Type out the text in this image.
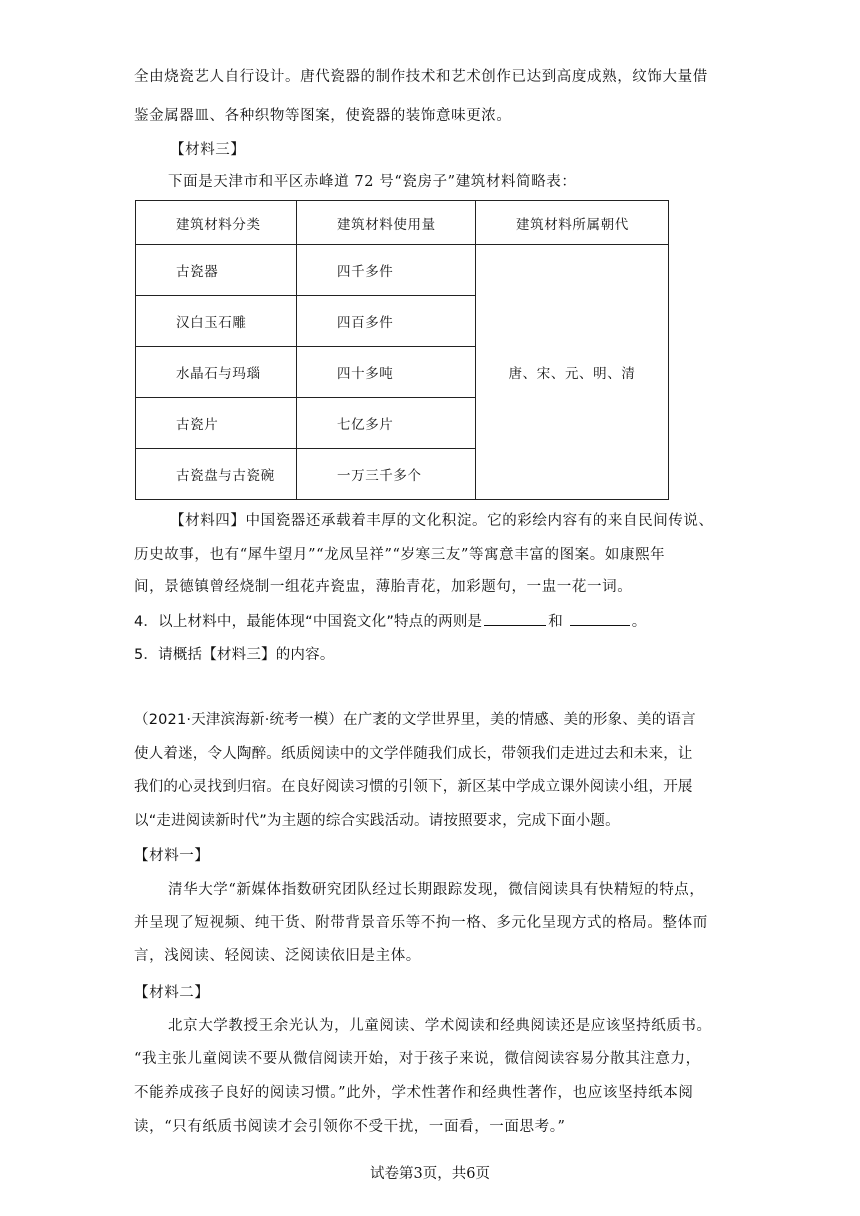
全由烧瓷艺人自行设计。唐代瓷器的制作技术和艺术创作已达到高度成熟，纹饰大量借
鉴金属器皿、各种织物等图案，使瓷器的装饰意味更浓。
【材料三】
下面是天津市和平区赤峰道 72 号“瓷房子”建筑材料简略表：
建筑材料分类	建筑材料使用量	建筑材料所属朝代
古瓷器	四千多件	唐、宋、元、明、清
汉白玉石雕	四百多件	
水晶石与玛瑙	四十多吨	
古瓷片	七亿多片	
古瓷盘与古瓷碗	一万三千多个	
【材料四】中国瓷器还承载着丰厚的文化积淀。它的彩绘内容有的来自民间传说、
历史故事，也有“犀牛望月”“龙凤呈祥”“岁寒三友”等寓意丰富的图案。如康熙年
间，景德镇曾经烧制一组花卉瓷盅，薄胎青花，加彩题句，一盅一花一词。
4．以上材料中，最能体现“中国瓷文化”特点的两则是	和	。
5．请概括【材料三】的内容。
（2021·天津滨海新·统考一模）在广袤的文学世界里，美的情感、美的形象、美的语言
使人着迷，令人陶醉。纸质阅读中的文学伴随我们成长，带领我们走进过去和未来，让
我们的心灵找到归宿。在良好阅读习惯的引领下，新区某中学成立课外阅读小组，开展
以“走进阅读新时代”为主题的综合实践活动。请按照要求，完成下面小题。
【材料一】
清华大学“新媒体指数研究团队经过长期跟踪发现，微信阅读具有快精短的特点，
并呈现了短视频、纯干货、附带背景音乐等不拘一格、多元化呈现方式的格局。整体而
言，浅阅读、轻阅读、泛阅读依旧是主体。
【材料二】
北京大学教授王余光认为，儿童阅读、学术阅读和经典阅读还是应该坚持纸质书。
“我主张儿童阅读不要从微信阅读开始，对于孩子来说，微信阅读容易分散其注意力，
不能养成孩子良好的阅读习惯。”此外，学术性著作和经典性著作，也应该坚持纸本阅
读，“只有纸质书阅读才会引领你不受干扰，一面看，一面思考。”
试卷第3页，共6页
